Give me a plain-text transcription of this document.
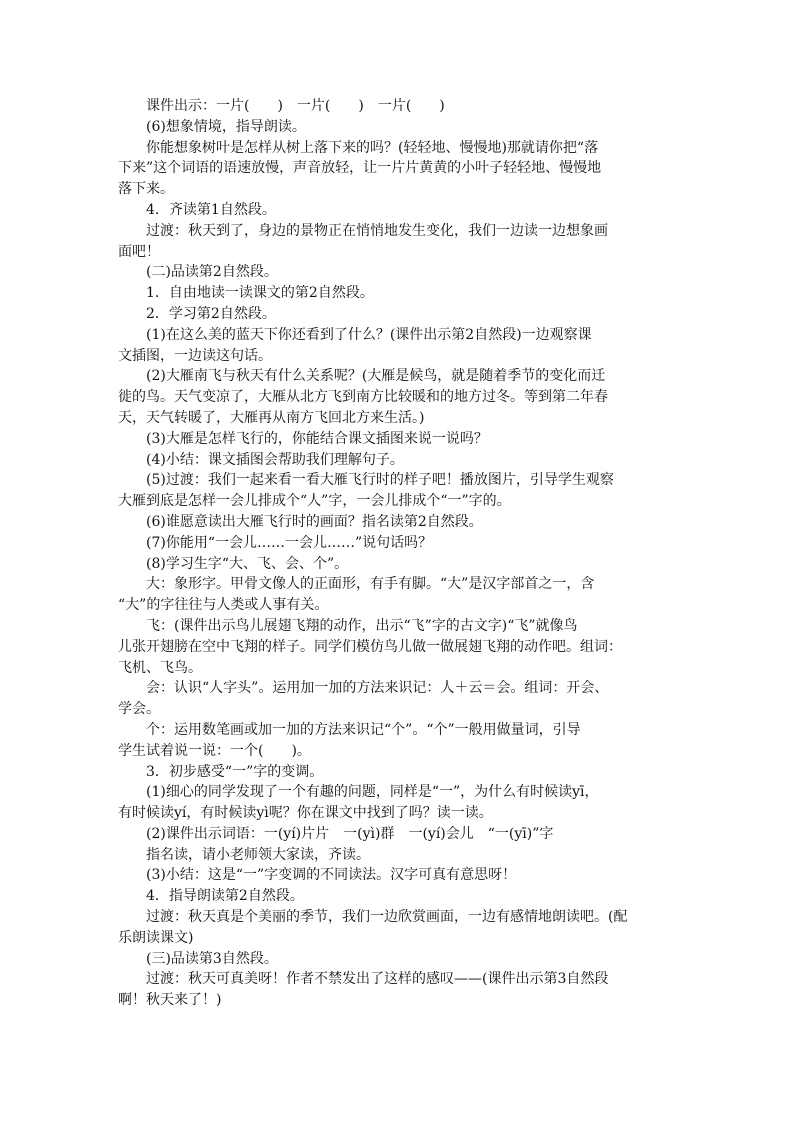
课件出示：一片(　　)　一片(　　)　一片(　　)
(6)想象情境，指导朗读。
你能想象树叶是怎样从树上落下来的吗？(轻轻地、慢慢地)那就请你把“落
下来”这个词语的语速放慢，声音放轻，让一片片黄黄的小叶子轻轻地、慢慢地
落下来。
4．齐读第1自然段。
过渡：秋天到了，身边的景物正在悄悄地发生变化，我们一边读一边想象画
面吧！
(二)品读第2自然段。
1．自由地读一读课文的第2自然段。
2．学习第2自然段。
(1)在这么美的蓝天下你还看到了什么？(课件出示第2自然段)一边观察课
文插图，一边读这句话。
(2)大雁南飞与秋天有什么关系呢？(大雁是候鸟，就是随着季节的变化而迁
徙的鸟。天气变凉了，大雁从北方飞到南方比较暖和的地方过冬。等到第二年春
天，天气转暖了，大雁再从南方飞回北方来生活。)
(3)大雁是怎样飞行的，你能结合课文插图来说一说吗？
(4)小结：课文插图会帮助我们理解句子。
(5)过渡：我们一起来看一看大雁飞行时的样子吧！播放图片，引导学生观察
大雁到底是怎样一会儿排成个“人”字，一会儿排成个“一”字的。
(6)谁愿意读出大雁飞行时的画面？指名读第2自然段。
(7)你能用“一会儿……一会儿……”说句话吗？
(8)学习生字“大、飞、会、个”。
大：象形字。甲骨文像人的正面形，有手有脚。“大”是汉字部首之一，含
“大”的字往往与人类或人事有关。
飞：(课件出示鸟儿展翅飞翔的动作，出示“飞”字的古文字)“飞”就像鸟
儿张开翅膀在空中飞翔的样子。同学们模仿鸟儿做一做展翅飞翔的动作吧。组词：
飞机、飞鸟。
会：认识“人字头”。运用加一加的方法来识记：人＋云＝会。组词：开会、
学会。
个：运用数笔画或加一加的方法来识记“个”。“个”一般用做量词，引导
学生试着说一说：一个(　　)。
3．初步感受“一”字的变调。
(1)细心的同学发现了一个有趣的问题，同样是“一”，为什么有时候读yī，
有时候读yí，有时候读yì呢？你在课文中找到了吗？读一读。
(2)课件出示词语：一(yí)片片　一(yì)群　一(yí)会儿　“一(yī)”字
指名读，请小老师领大家读，齐读。
(3)小结：这是“一”字变调的不同读法。汉字可真有意思呀！
4．指导朗读第2自然段。
过渡：秋天真是个美丽的季节，我们一边欣赏画面，一边有感情地朗读吧。(配
乐朗读课文)
(三)品读第3自然段。
过渡：秋天可真美呀！作者不禁发出了这样的感叹——(课件出示第3自然段
啊！秋天来了！)
